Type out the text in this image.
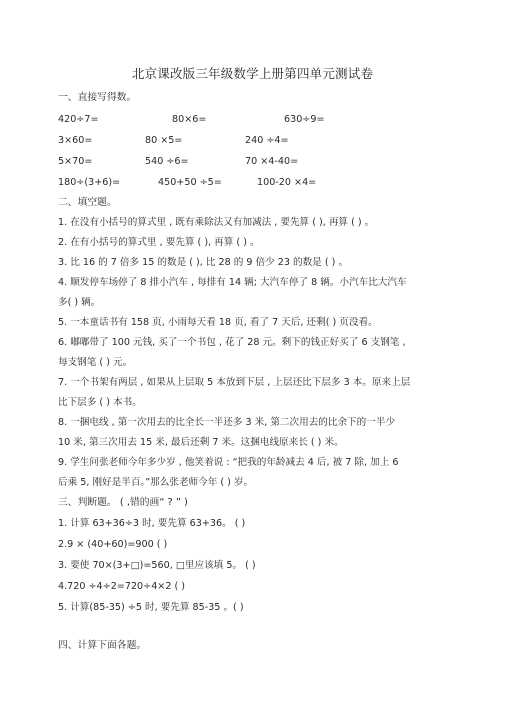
北京课改版三年级数学上册第四单元测试卷
一、直接写得数。
420÷7=	80×6=	630÷9=
3×60=	80 ×5=	240 ÷4=
5×70=	540 ÷6=	70 ×4-40=
180÷(3+6)=	450+50 ÷5=	100-20 ×4=
二、填空题。
1. 在没有小括号的算式里 , 既有乘除法又有加减法 , 要先算 ( ), 再算 ( ) 。
2. 在有小括号的算式里 , 要先算 ( ), 再算 ( ) 。
3. 比 16 的 7 倍多 15 的数是 ( ), 比 28 的 9 倍少 23 的数是 ( ) 。
4. 顺发停车场停了 8 排小汽车 , 每排有 14 辆; 大汽车停了 8 辆。小汽车比大汽车
多( ) 辆。
5. 一本童话书有 158 页, 小雨每天看 18 页, 看了 7 天后, 还剩( ) 页没看。
6. 嘟嘟带了 100 元钱, 买了一个书包 , 花了 28 元。剩下的钱正好买了 6 支钢笔 ,
每支钢笔 ( ) 元。
7. 一个书架有两层 , 如果从上层取 5 本放到下层 , 上层还比下层多 3 本。原来上层
比下层多 ( ) 本书。
8. 一捆电线 , 第一次用去的比全长一半还多 3 米, 第二次用去的比余下的一半少
10 米, 第三次用去 15 米, 最后还剩 7 米。这捆电线原来长 ( ) 米。
9. 学生问张老师今年多少岁 , 他笑着说 : “把我的年龄减去 4 后, 被 7 除, 加上 6
后乘 5, 刚好是半百。”那么张老师今年 ( ) 岁。
三、判断题。 ( ,错的画“ ? ” )
1. 计算 63+36÷3 时, 要先算 63+36。 ( )
2.9 × (40+60)=900 ( )
3. 要使 70×(3+□)=560, □里应该填 5。 ( )
4.720 ÷4÷2=720÷4×2 ( )
5. 计算(85-35) ÷5 时, 要先算 85-35 。( )
四、计算下面各题。
